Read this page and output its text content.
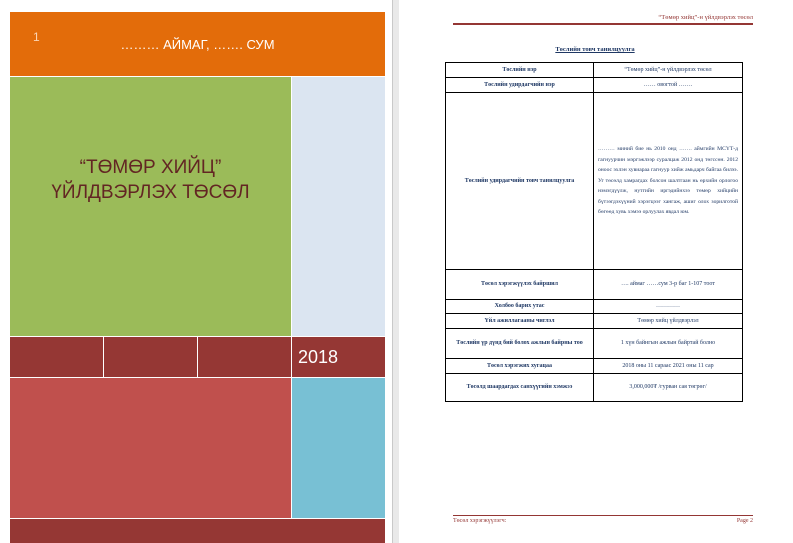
……… АЙМАГ, ……. СУМ
1
“ТӨМӨР ХИЙЦ”
ҮЙЛДВЭРЛЭХ ТӨСӨЛ
2018
“Төмөр хийц”-н үйлдвэрлэх төсөл
Төслийн товч танилцуулга
Төслийн нэр	“Төмөр хийц”-н үйлдвэрлэх төсөл
Төслийн удирдагчийн нэр	…… овогтой …….
Төслийн удирдагчийн товч танилцуулга	……… миний бие нь 2010 онд ……. аймгийн МСҮТ-д гагнуурчин мэргэжлээр суралцаж 2012 онд төгссөн. 2012 оноос эхлэн хувиараа гагнуур хийж амьдарч байгаа билээ. Уг төсөлд хамрагдах болсон шалтгаан нь өрхийн орлогоо нэмэгдүүлж, нутгийн иргэдийнхээ төмөр хийцийн бүтээгдэхүүний хэрэгцээг хангаж, ашиг олох зорилготой бөгөөд хувь хэмээ орлуулах явдал юм.
Төсөл хэрэгжүүлэх байршил	…. аймаг ……сум 3-р баг 1-107 тоот
Холбоо барих утас	…………
Үйл ажиллагааны чиглэл	Төмөр хийц үйлдвэрлэл
Төслийн үр дүнд бий болох ажлын байрны тоо	1 хүн байнгын ажлын байртай болно
Төсөл хэрэгжих хугацаа	2018 оны 11 сараас 2021 оны 11 сар
Төсөлд шаардагдах санхүүгийн хэмжээ	3,000,000₮ /гурван сая төгрөг/
Төсөл хэрэгжүүлэгч:	Page 2
